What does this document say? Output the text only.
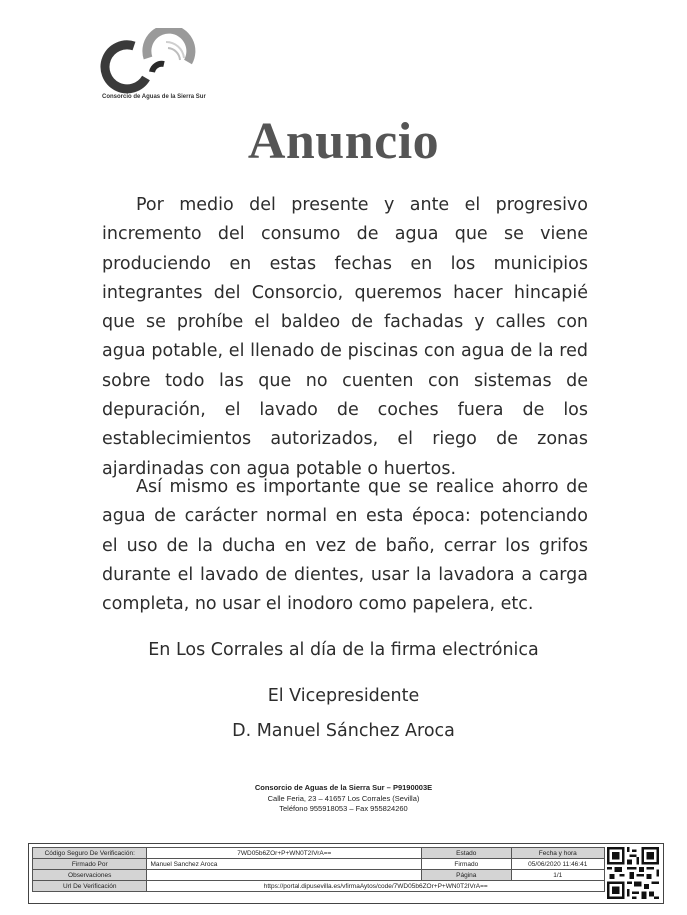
Consorcio de Aguas de la Sierra Sur
Anuncio
Por medio del presente y ante el progresivo incremento del consumo de agua que se viene produciendo en estas fechas en los municipios integrantes del Consorcio, queremos hacer hincapié que se prohíbe el baldeo de fachadas y calles con agua potable, el llenado de piscinas con agua de la red sobre todo las que no cuenten con sistemas de depuración, el lavado de coches fuera de los establecimientos autorizados, el riego de zonas ajardinadas con agua potable o huertos.
Así mismo es importante que se realice ahorro de agua de carácter normal en esta época: potenciando el uso de la ducha en vez de baño, cerrar los grifos durante el lavado de dientes, usar la lavadora a carga completa, no usar el inodoro como papelera, etc.
En Los Corrales al día de la firma electrónica
El Vicepresidente
D. Manuel Sánchez Aroca
Consorcio de Aguas de la Sierra Sur – P9190003E
Calle Feria, 23 – 41657 Los Corrales (Sevilla)
Teléfono 955918053 – Fax 955824260
Código Seguro De Verificación:	7WD05b6ZOr+P+WN0T2IVrA==	Estado	Fecha y hora
Firmado Por	Manuel Sanchez Aroca	Firmado	05/06/2020 11:46:41
Observaciones		Página	1/1
Url De Verificación	https://portal.dipusevilla.es/vfirmaAytos/code/7WD05b6ZOr+P+WN0T2IVrA==		
